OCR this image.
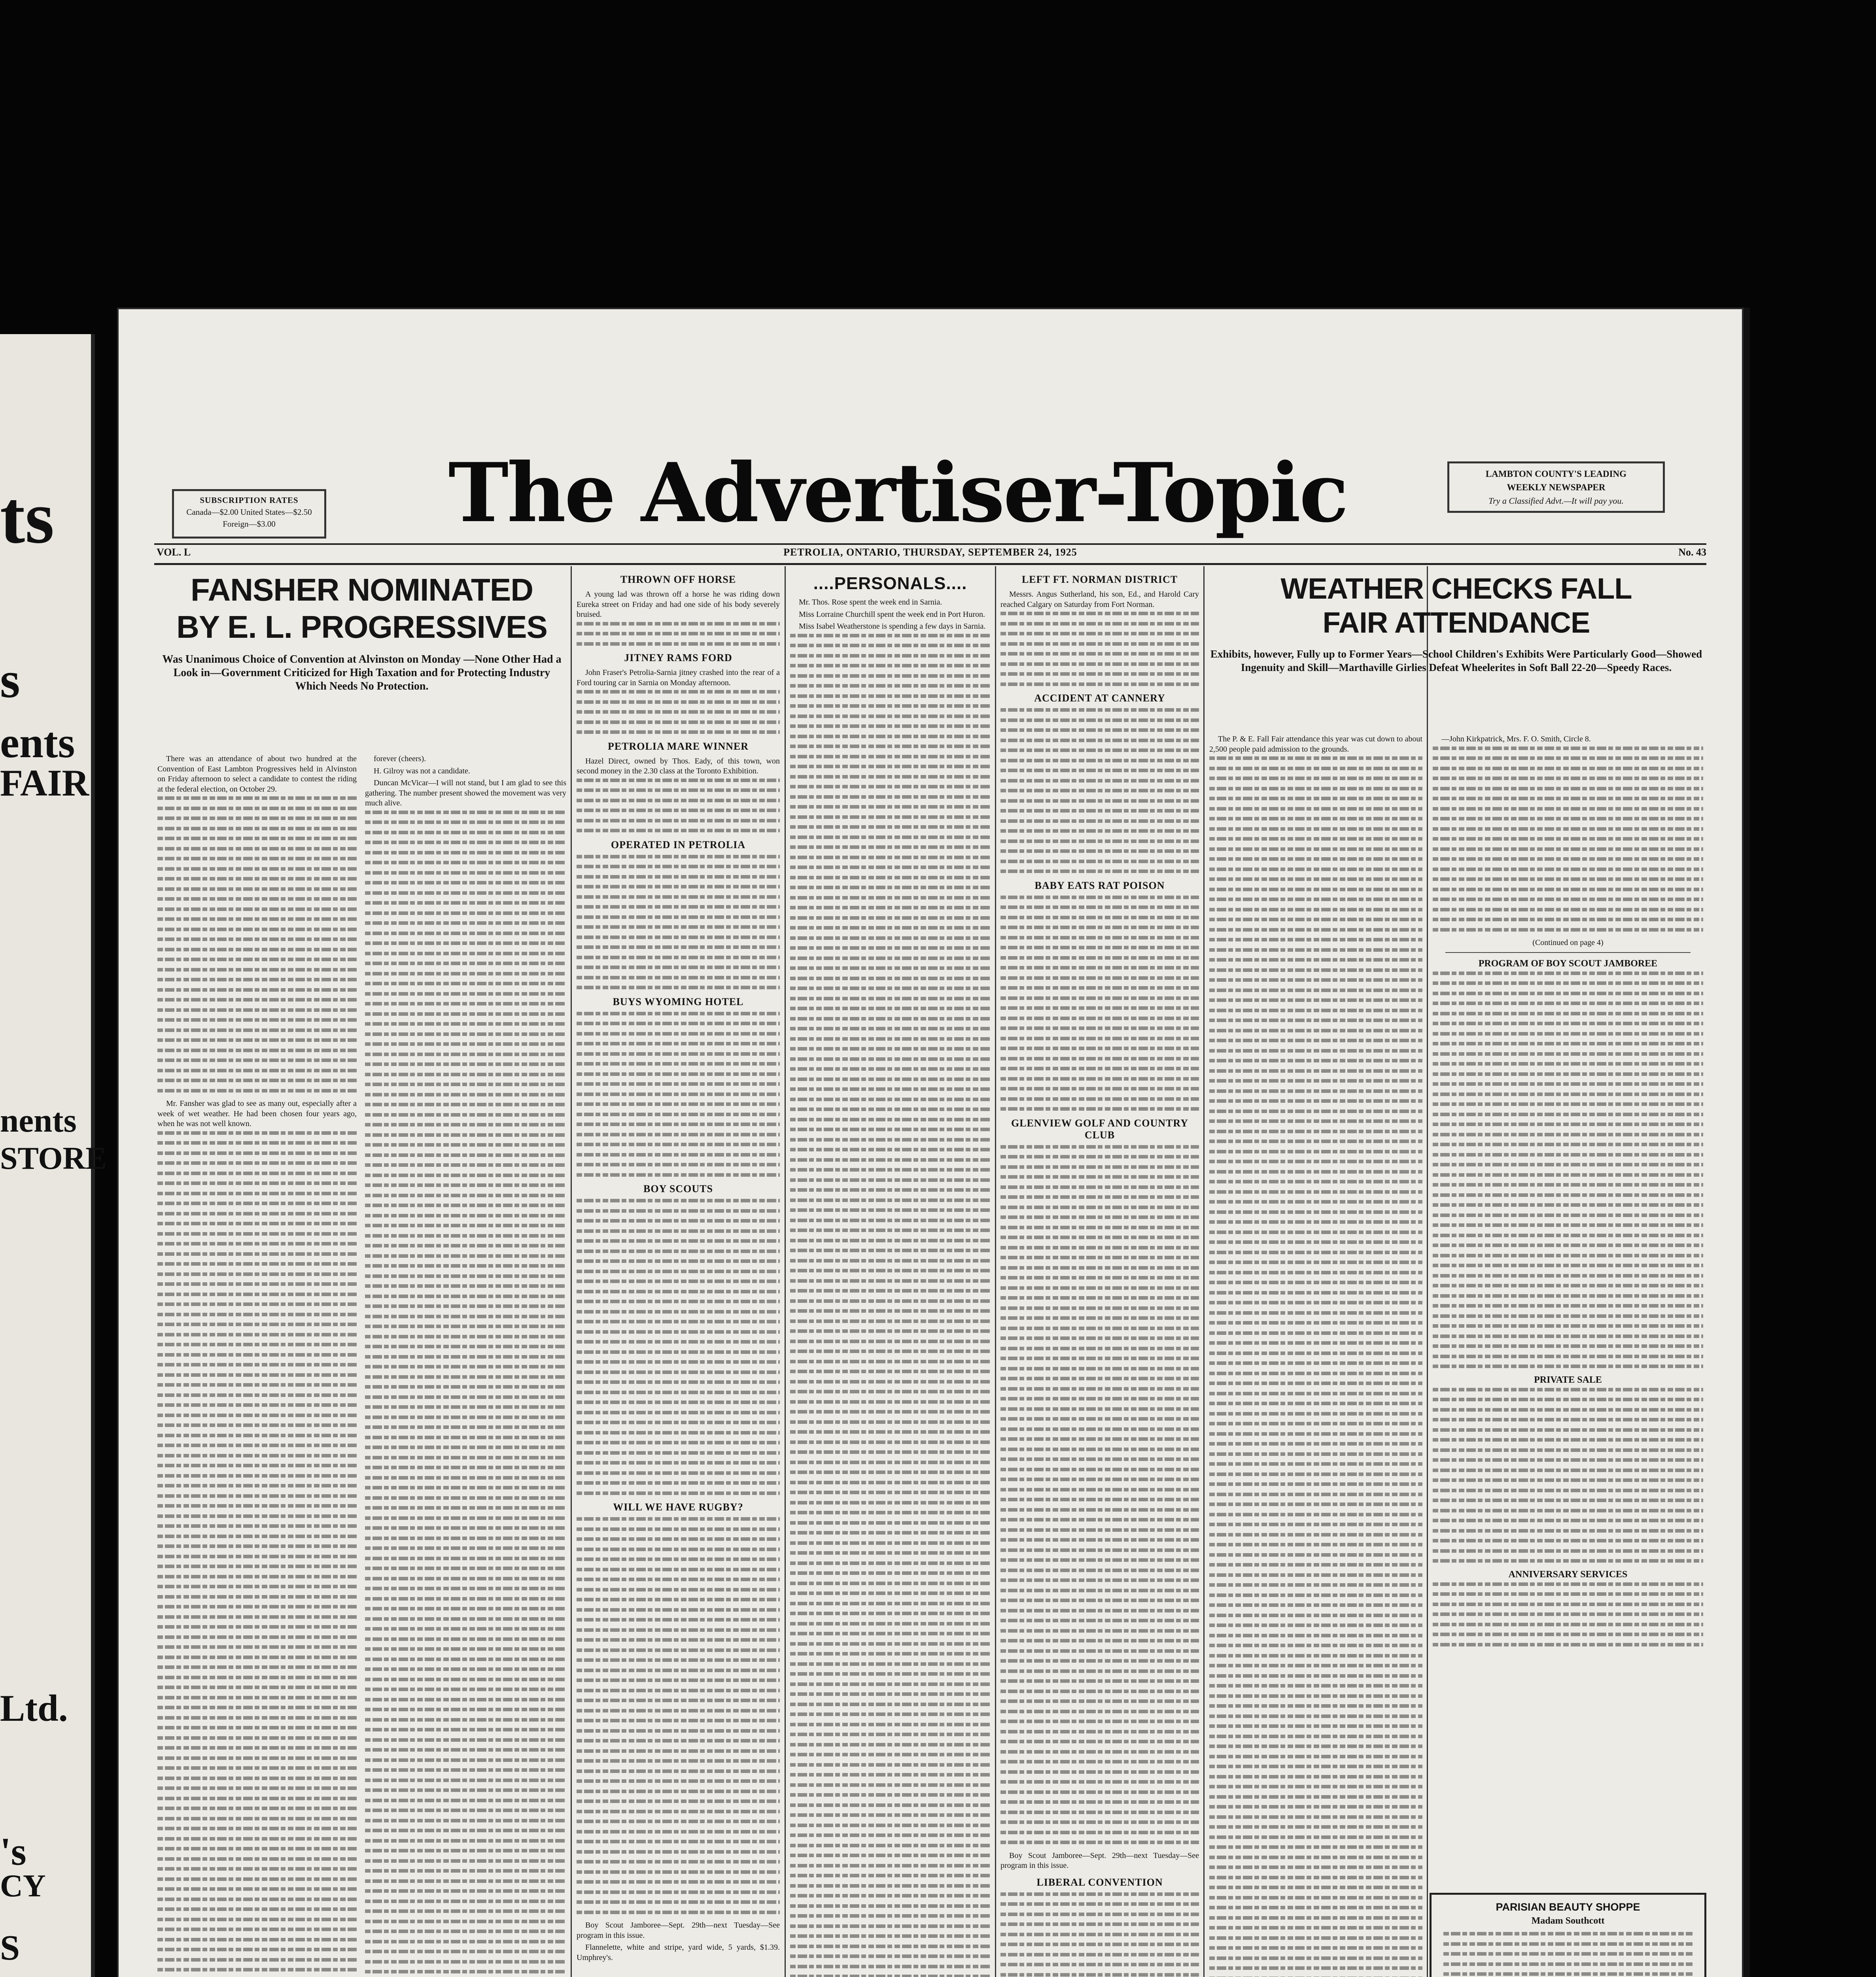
ts
s
ents
FAIR
nents
STORE
Ltd.
's
CY
S
SUBSCRIPTION RATES
Canada—$2.00 United States—$2.50
Foreign—$3.00	The Advertiser-Topic	LAMBTON COUNTY'S LEADING
WEEKLY NEWSPAPER
Try a Classified Advt.—It will pay you.
VOL. L	PETROLIA, ONTARIO, THURSDAY, SEPTEMBER 24, 1925	No. 43
FANSHER NOMINATED
BY E. L. PROGRESSIVES
Was Unanimous Choice of Convention at Alvinston on Monday —None Other Had a Look in—Government Criticized for High Taxation and for Protecting Industry Which Needs No Protection.

There was an attendance of about two hundred at the Convention of East Lambton Progressives held in Alvinston on Friday afternoon to select a candidate to contest the riding at the federal election, on October 29.

Mr. Fansher was glad to see as many out, especially after a week of wet weather. He had been chosen four years ago, when he was not well known.

forever (cheers).

H. Gilroy was not a candidate.

Duncan McVicar—I will not stand, but I am glad to see this gathering. The number present showed the movement was very much alive.

THROWN OFF HORSE

A young lad was thrown off a horse he was riding down Eureka street on Friday and had one side of his body severely bruised.

JITNEY RAMS FORD

John Fraser's Petrolia-Sarnia jitney crashed into the rear of a Ford touring car in Sarnia on Monday afternoon.

PETROLIA MARE WINNER

Hazel Direct, owned by Thos. Eady, of this town, won second money in the 2.30 class at the Toronto Exhibition.

OPERATED IN PETROLIA
BUYS WYOMING HOTEL
BOY SCOUTS
WILL WE HAVE RUGBY?

Boy Scout Jamboree—Sept. 29th—next Tuesday—See program in this issue.

Flannelette, white and stripe, yard wide, 5 yards, $1.39. Umphrey's.

....PERSONALS....

Mr. Thos. Rose spent the week end in Sarnia.

Miss Lorraine Churchill spent the week end in Port Huron.

Miss Isabel Weatherstone is spending a few days in Sarnia.

LEFT FT. NORMAN DISTRICT

Messrs. Angus Sutherland, his son, Ed., and Harold Cary reached Calgary on Saturday from Fort Norman.

ACCIDENT AT CANNERY
BABY EATS RAT POISON
GLENVIEW GOLF AND COUNTRY CLUB

Boy Scout Jamboree—Sept. 29th—next Tuesday—See program in this issue.

LIBERAL CONVENTION
WEATHER CHECKS FALL
FAIR ATTENDANCE
Exhibits, however, Fully up to Former Years—School Children's Exhibits Were Particularly Good—Showed Ingenuity and Skill—Marthaville Girlies Defeat Wheelerites in Soft Ball 22-20—Speedy Races.

The P. & E. Fall Fair attendance this year was cut down to about 2,500 people paid admission to the grounds.

—John Kirkpatrick, Mrs. F. O. Smith, Circle 8.

(Continued on page 4)

PROGRAM OF BOY SCOUT JAMBOREE
PRIVATE SALE
ANNIVERSARY SERVICES
PARISIAN BEAUTY SHOPPE
Madam Southcott
